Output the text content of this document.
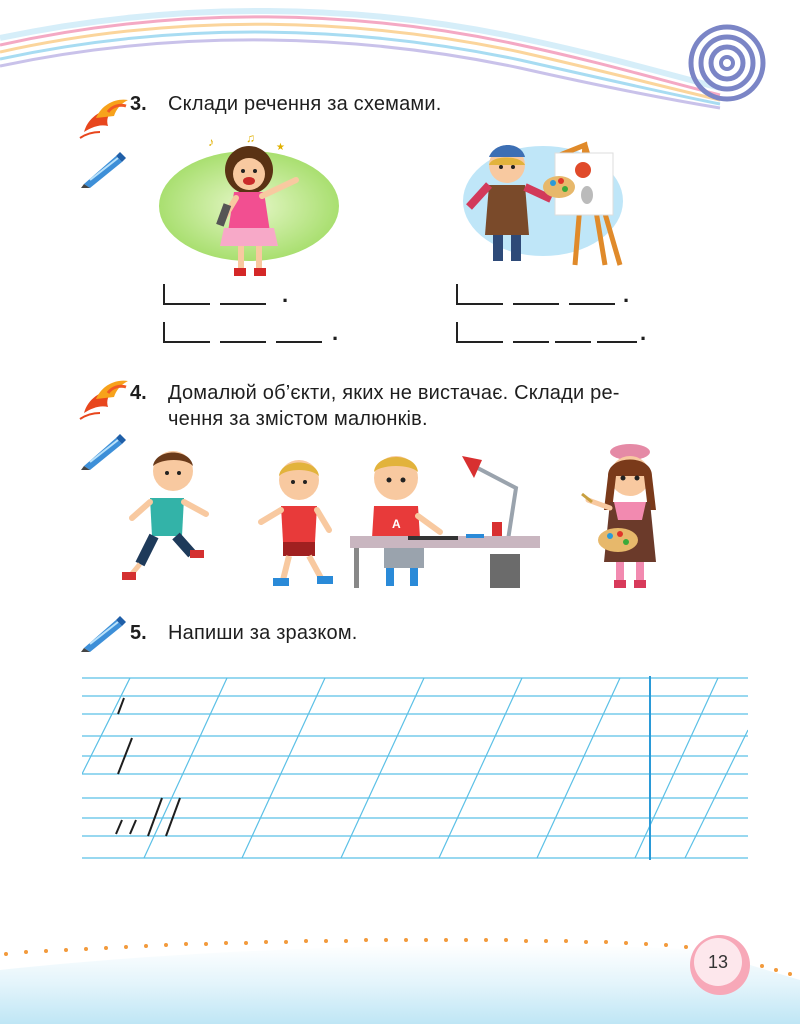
3. Склади речення за схемами.
♪	♫
★
.
.
.
.
4. Домалюй об’єкти, яких не вистачає. Склади ре-
чення за змістом малюнків.
A
5. Напиши за зразком.
13
